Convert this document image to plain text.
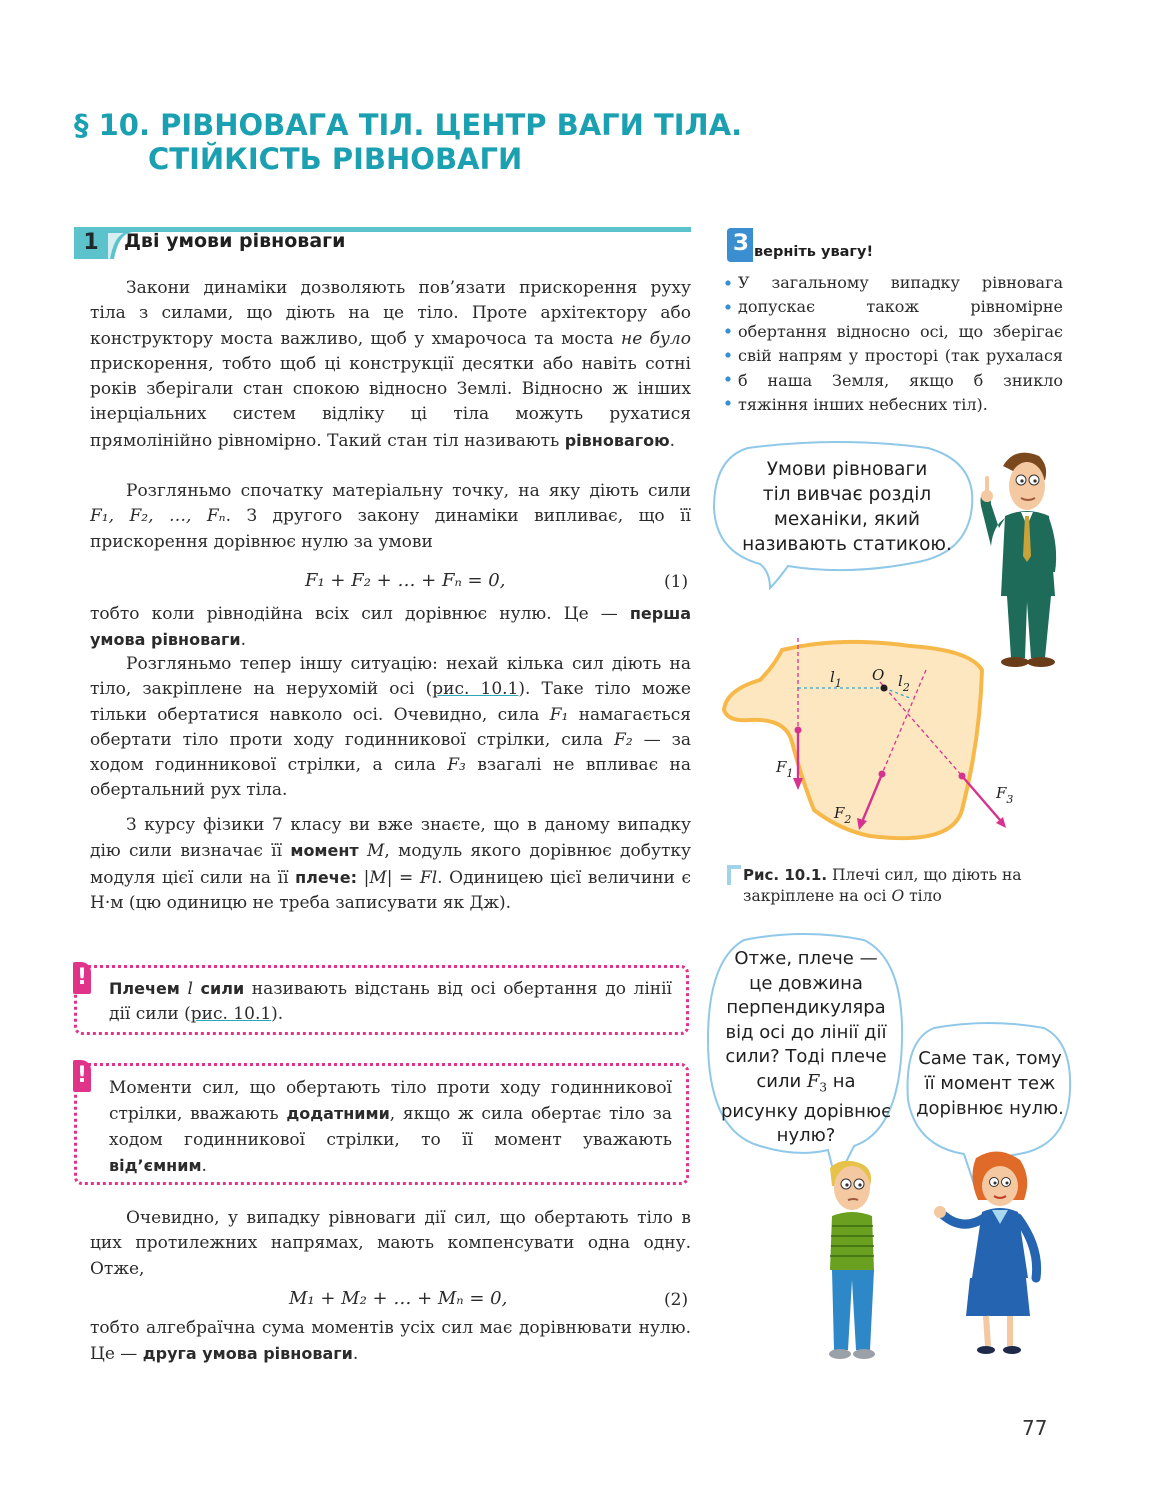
§ 10. РІВНОВАГА ТІЛ. ЦЕНТР ВАГИ ТІЛА.
СТІЙКІСТЬ РІВНОВАГИ
1	Дві умови рівноваги
Закони динаміки дозволяють пов’язати прискорення руху тіла з силами, що діють на це тіло. Проте архітектору або конструктору моста важливо, щоб у хмарочоса та моста не було прискорення, тобто щоб ці конструкції десятки або навіть сотні років зберігали стан спокою відносно Землі. Відносно ж інших інерціальних систем відліку ці тіла можуть рухатися прямолінійно рівномірно. Такий стан тіл називають рівновагою.
Розгляньмо спочатку матеріальну точку, на яку діють сили F₁, F₂, …, Fₙ. З другого закону динаміки випливає, що її прискорення дорівнює нулю за умови
F₁ + F₂ + … + Fₙ = 0,	(1)
тобто коли рівнодійна всіх сил дорівнює нулю. Це — перша умова рівноваги.
Розгляньмо тепер іншу ситуацію: нехай кілька сил діють на тіло, закріплене на нерухомій осі (рис. 10.1). Таке тіло може тільки обертатися навколо осі. Очевидно, сила F₁ намагається обертати тіло проти ходу годинникової стрілки, сила F₂ — за ходом годинникової стрілки, а сила F₃ взагалі не впливає на обертальний рух тіла.
З курсу фізики 7 класу ви вже знаєте, що в даному випадку дію сили визначає її момент M, модуль якого дорівнює добутку модуля цієї сили на її плече: |M| = Fl. Одиницею цієї величини є Н·м (цю одиницю не треба записувати як Дж).
! Плечем l сили називають відстань від осі обертання до лінії дії сили (рис. 10.1).
! Моменти сил, що обертають тіло проти ходу годинникової стрілки, вважають додатними, якщо ж сила обертає тіло за ходом годинникової стрілки, то її момент уважають від’ємним.
Очевидно, у випадку рівноваги дії сил, що обертають тіло в цих протилежних напрямах, мають компенсувати одна одну. Отже,
M₁ + M₂ + … + Mₙ = 0,	(2)
тобто алгебраїчна сума моментів усіх сил має дорівнювати нулю. Це — друга умова рівноваги.
З верніть увагу!
У загальному випадку рівновага допускає також рівномірне обертання відносно осі, що зберігає свій напрям у просторі (так рухалася б наша Земля, якщо б зникло тяжіння інших небесних тіл).
Умови рівноваги
тіл вивчає розділ
механіки, який
називають статикою.
$l_1$ O $l_2$
$F_1$
$F_2$
$F_3$
Рис. 10.1. Плечі сил, що діють на закріплене на осі O тіло
Отже, плече —
це довжина
перпендикуляра
від осі до лінії дії
сили? Тоді плече
сили $F_3$ на
рисунку дорівнює
нулю?
Саме так, тому
її момент теж
дорівнює нулю.
77
